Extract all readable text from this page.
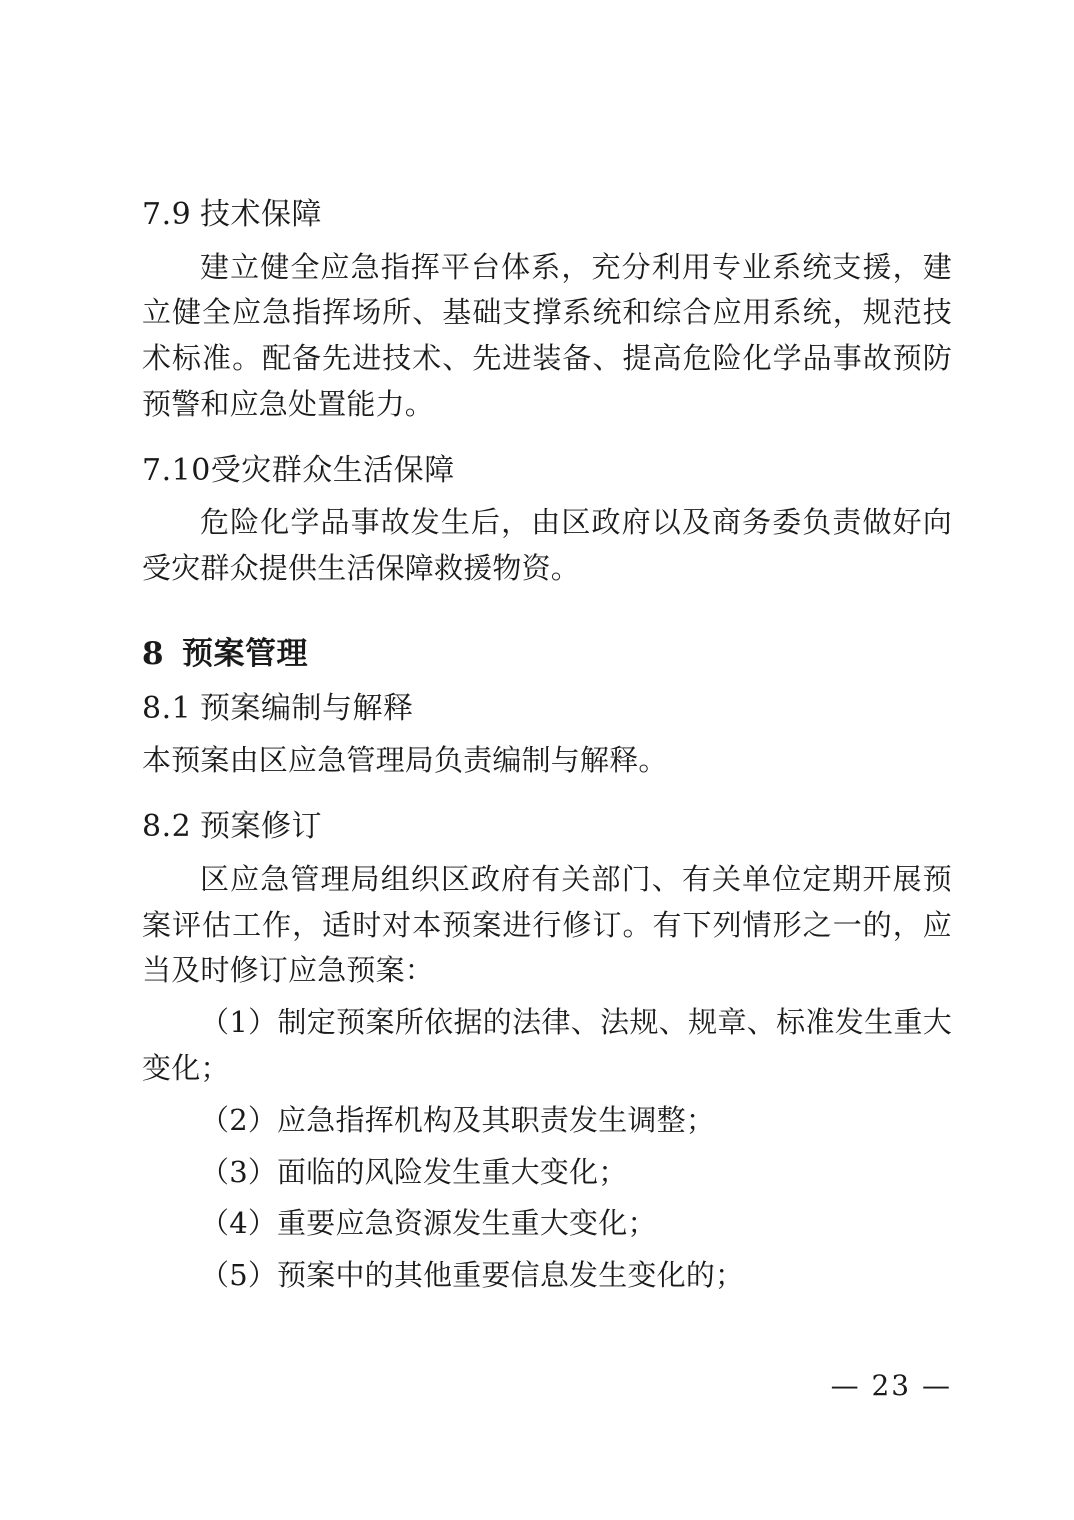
7.9 技术保障

建立健全应急指挥平台体系，充分利用专业系统支援，建立健全应急指挥场所、基础支撑系统和综合应用系统，规范技术标准。配备先进技术、先进装备、提高危险化学品事故预防预警和应急处置能力。

7.10受灾群众生活保障

危险化学品事故发生后，由区政府以及商务委负责做好向受灾群众提供生活保障救援物资。

8 预案管理
8.1 预案编制与解释

本预案由区应急管理局负责编制与解释。

8.2 预案修订

区应急管理局组织区政府有关部门、有关单位定期开展预案评估工作，适时对本预案进行修订。有下列情形之一的，应当及时修订应急预案：

（1）制定预案所依据的法律、法规、规章、标准发生重大变化；

（2）应急指挥机构及其职责发生调整；

（3）面临的风险发生重大变化；

（4）重要应急资源发生重大变化；

（5）预案中的其他重要信息发生变化的；

— 23 —
